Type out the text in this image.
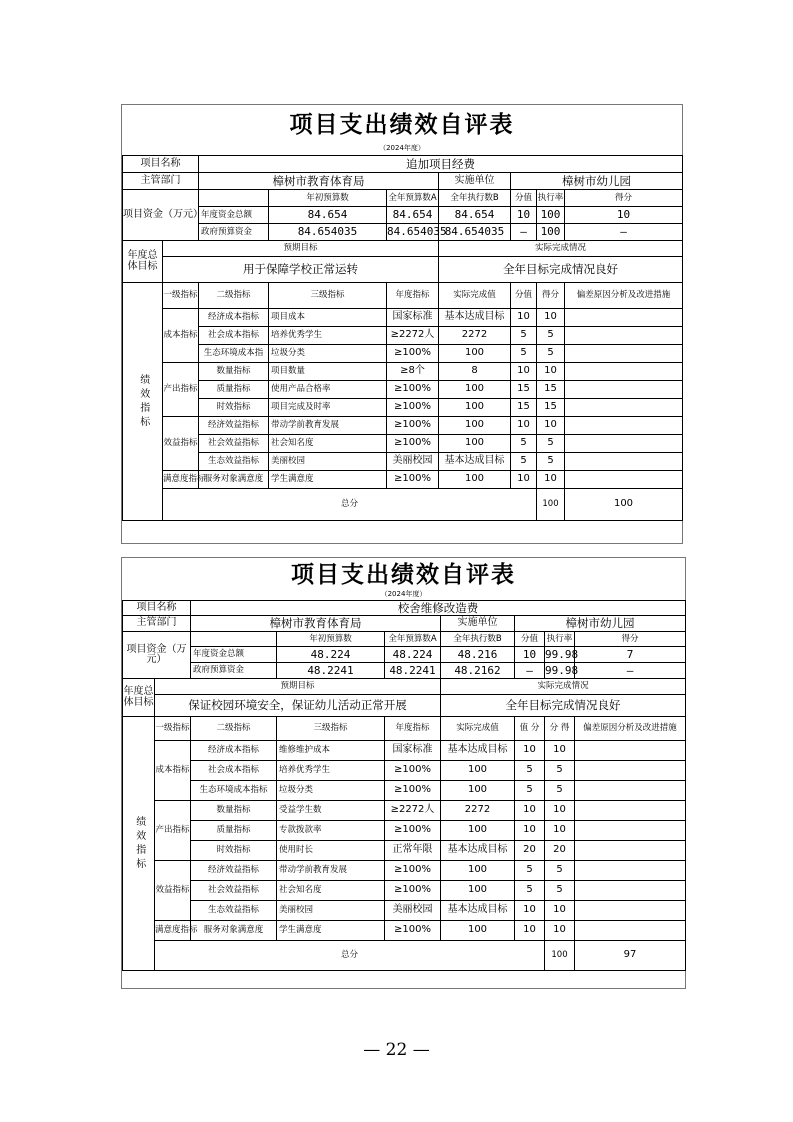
项目支出绩效自评表
（2024年度）
项目名称		追加项目经费							
主管部门		樟树市教育体育局			实施单位	樟树市幼儿园			
项目资金（万元）			年初预算数	全年预算数A	全年执行数B	分值	执行率	得分	
		年度资金总额	84.654	84.654	84.654	10	100	10	
		政府预算资金	84.654035	84.654035	84.654035	—	100	—	
年度总体目标	预期目标				实际完成情况				
	用于保障学校正常运转				全年目标完成情况良好				
绩效指标	一级指标	二级指标	三级指标	年度指标	实际完成值	分值	得分	偏差原因分析及改进措施	
	成本指标	经济成本指标	项目成本	国家标准	基本达成目标	10	10		
		社会成本指标	培养优秀学生	≥2272人	2272	5	5		
		生态环境成本指	垃圾分类	≥100%	100	5	5		
	产出指标	数量指标	项目数量	≥8个	8	10	10		
		质量指标	使用产品合格率	≥100%	100	15	15		
		时效指标	项目完成及时率	≥100%	100	15	15		
	效益指标	经济效益指标	带动学前教育发展	≥100%	100	10	10		
		社会效益指标	社会知名度	≥100%	100	5	5		
		生态效益指标	美丽校园	美丽校园	基本达成目标	5	5		
	满意度指标	服务对象满意度	学生满意度	≥100%	100	10	10		
	总分						100	100	
项目支出绩效自评表
（2024年度）
项目名称		校舍维修改造费							
主管部门		樟树市教育体育局			实施单位	樟树市幼儿园			
项目资金（万元）			年初预算数	全年预算数A	全年执行数B	分值	执行率	得分	
		年度资金总额	48.224	48.224	48.216	10	99.98	7	
		政府预算资金	48.2241	48.2241	48.2162	—	99.98	—	
年度总体目标	预期目标				实际完成情况				
	保证校园环境安全，保证幼儿活动正常开展				全年目标完成情况良好				
绩效指标	一级指标	二级指标	三级指标	年度指标	实际完成值	值 分	分 得	偏差原因分析及改进措施	
	成本指标	经济成本指标	维修维护成本	国家标准	基本达成目标	10	10		
		社会成本指标	培养优秀学生	≥100%	100	5	5		
		生态环境成本指标	垃圾分类	≥100%	100	5	5		
	产出指标	数量指标	受益学生数	≥2272人	2272	10	10		
		质量指标	专款拨款率	≥100%	100	10	10		
		时效指标	使用时长	正常年限	基本达成目标	20	20		
	效益指标	经济效益指标	带动学前教育发展	≥100%	100	5	5		
		社会效益指标	社会知名度	≥100%	100	5	5		
		生态效益指标	美丽校园	美丽校园	基本达成目标	10	10		
	满意度指标	服务对象满意度	学生满意度	≥100%	100	10	10		
	总分						100	97	
— 22 —
